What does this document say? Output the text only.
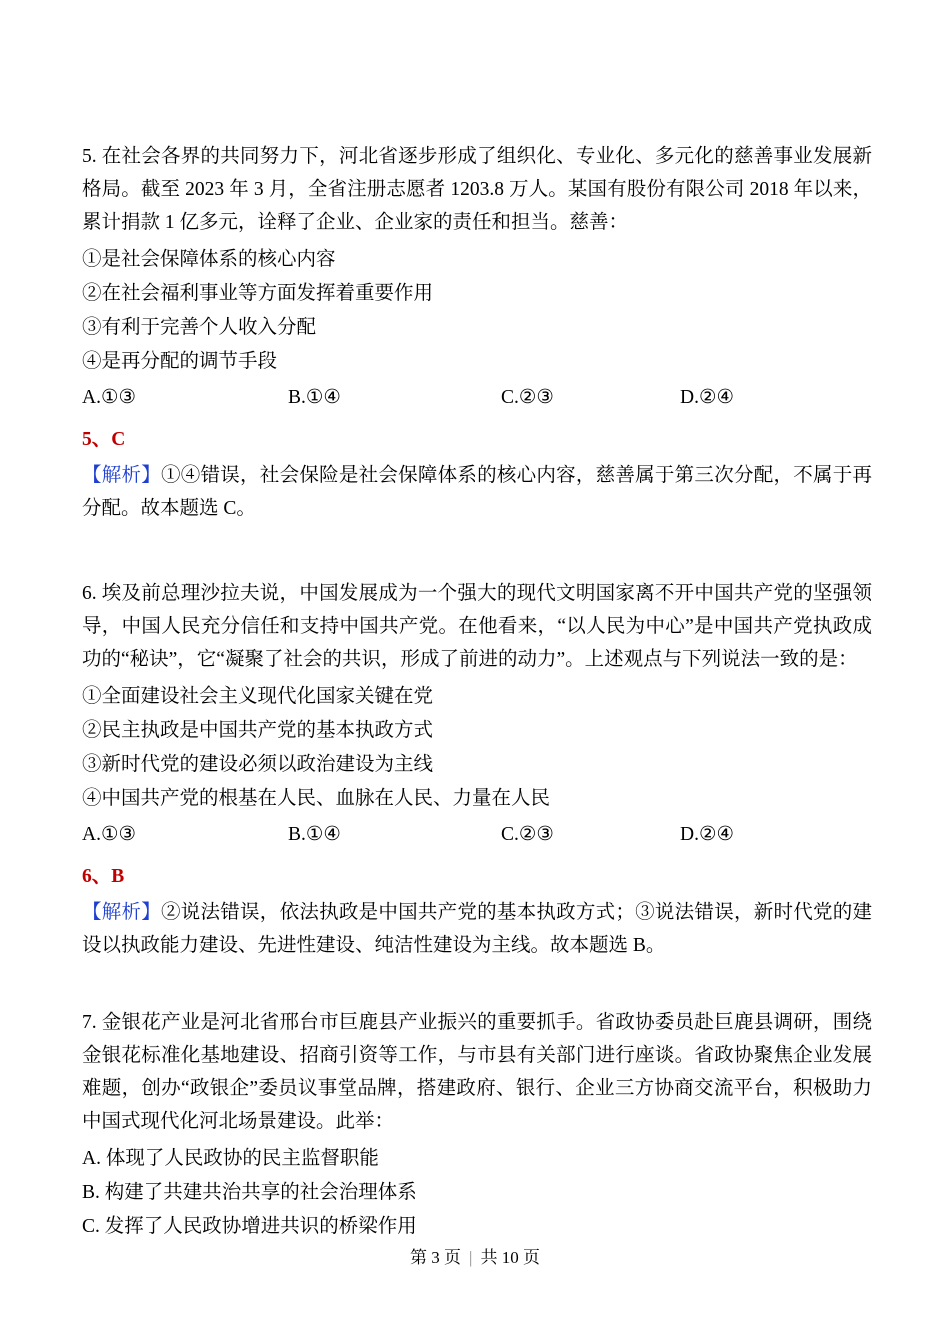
5. 在社会各界的共同努力下，河北省逐步形成了组织化、专业化、多元化的慈善事业发展新格局。截至 2023 年 3 月，全省注册志愿者 1203.8 万人。某国有股份有限公司 2018 年以来，累计捐款 1 亿多元，诠释了企业、企业家的责任和担当。慈善：

①是社会保障体系的核心内容

②在社会福利事业等方面发挥着重要作用

③有利于完善个人收入分配

④是再分配的调节手段

A.①③	B.①④	C.②③	D.②④

5、C

【解析】①④错误，社会保险是社会保障体系的核心内容，慈善属于第三次分配，不属于再分配。故本题选 C。

6. 埃及前总理沙拉夫说，中国发展成为一个强大的现代文明国家离不开中国共产党的坚强领导，中国人民充分信任和支持中国共产党。在他看来，“以人民为中心”是中国共产党执政成功的“秘诀”，它“凝聚了社会的共识，形成了前进的动力”。上述观点与下列说法一致的是：

①全面建设社会主义现代化国家关键在党

②民主执政是中国共产党的基本执政方式

③新时代党的建设必须以政治建设为主线

④中国共产党的根基在人民、血脉在人民、力量在人民

A.①③	B.①④	C.②③	D.②④

6、B

【解析】②说法错误，依法执政是中国共产党的基本执政方式；③说法错误，新时代党的建设以执政能力建设、先进性建设、纯洁性建设为主线。故本题选 B。

7. 金银花产业是河北省邢台市巨鹿县产业振兴的重要抓手。省政协委员赴巨鹿县调研，围绕金银花标准化基地建设、招商引资等工作，与市县有关部门进行座谈。省政协聚焦企业发展难题，创办“政银企”委员议事堂品牌，搭建政府、银行、企业三方协商交流平台，积极助力中国式现代化河北场景建设。此举：

A. 体现了人民政协的民主监督职能

B. 构建了共建共治共享的社会治理体系

C. 发挥了人民政协增进共识的桥梁作用

第 3 页 | 共 10 页
